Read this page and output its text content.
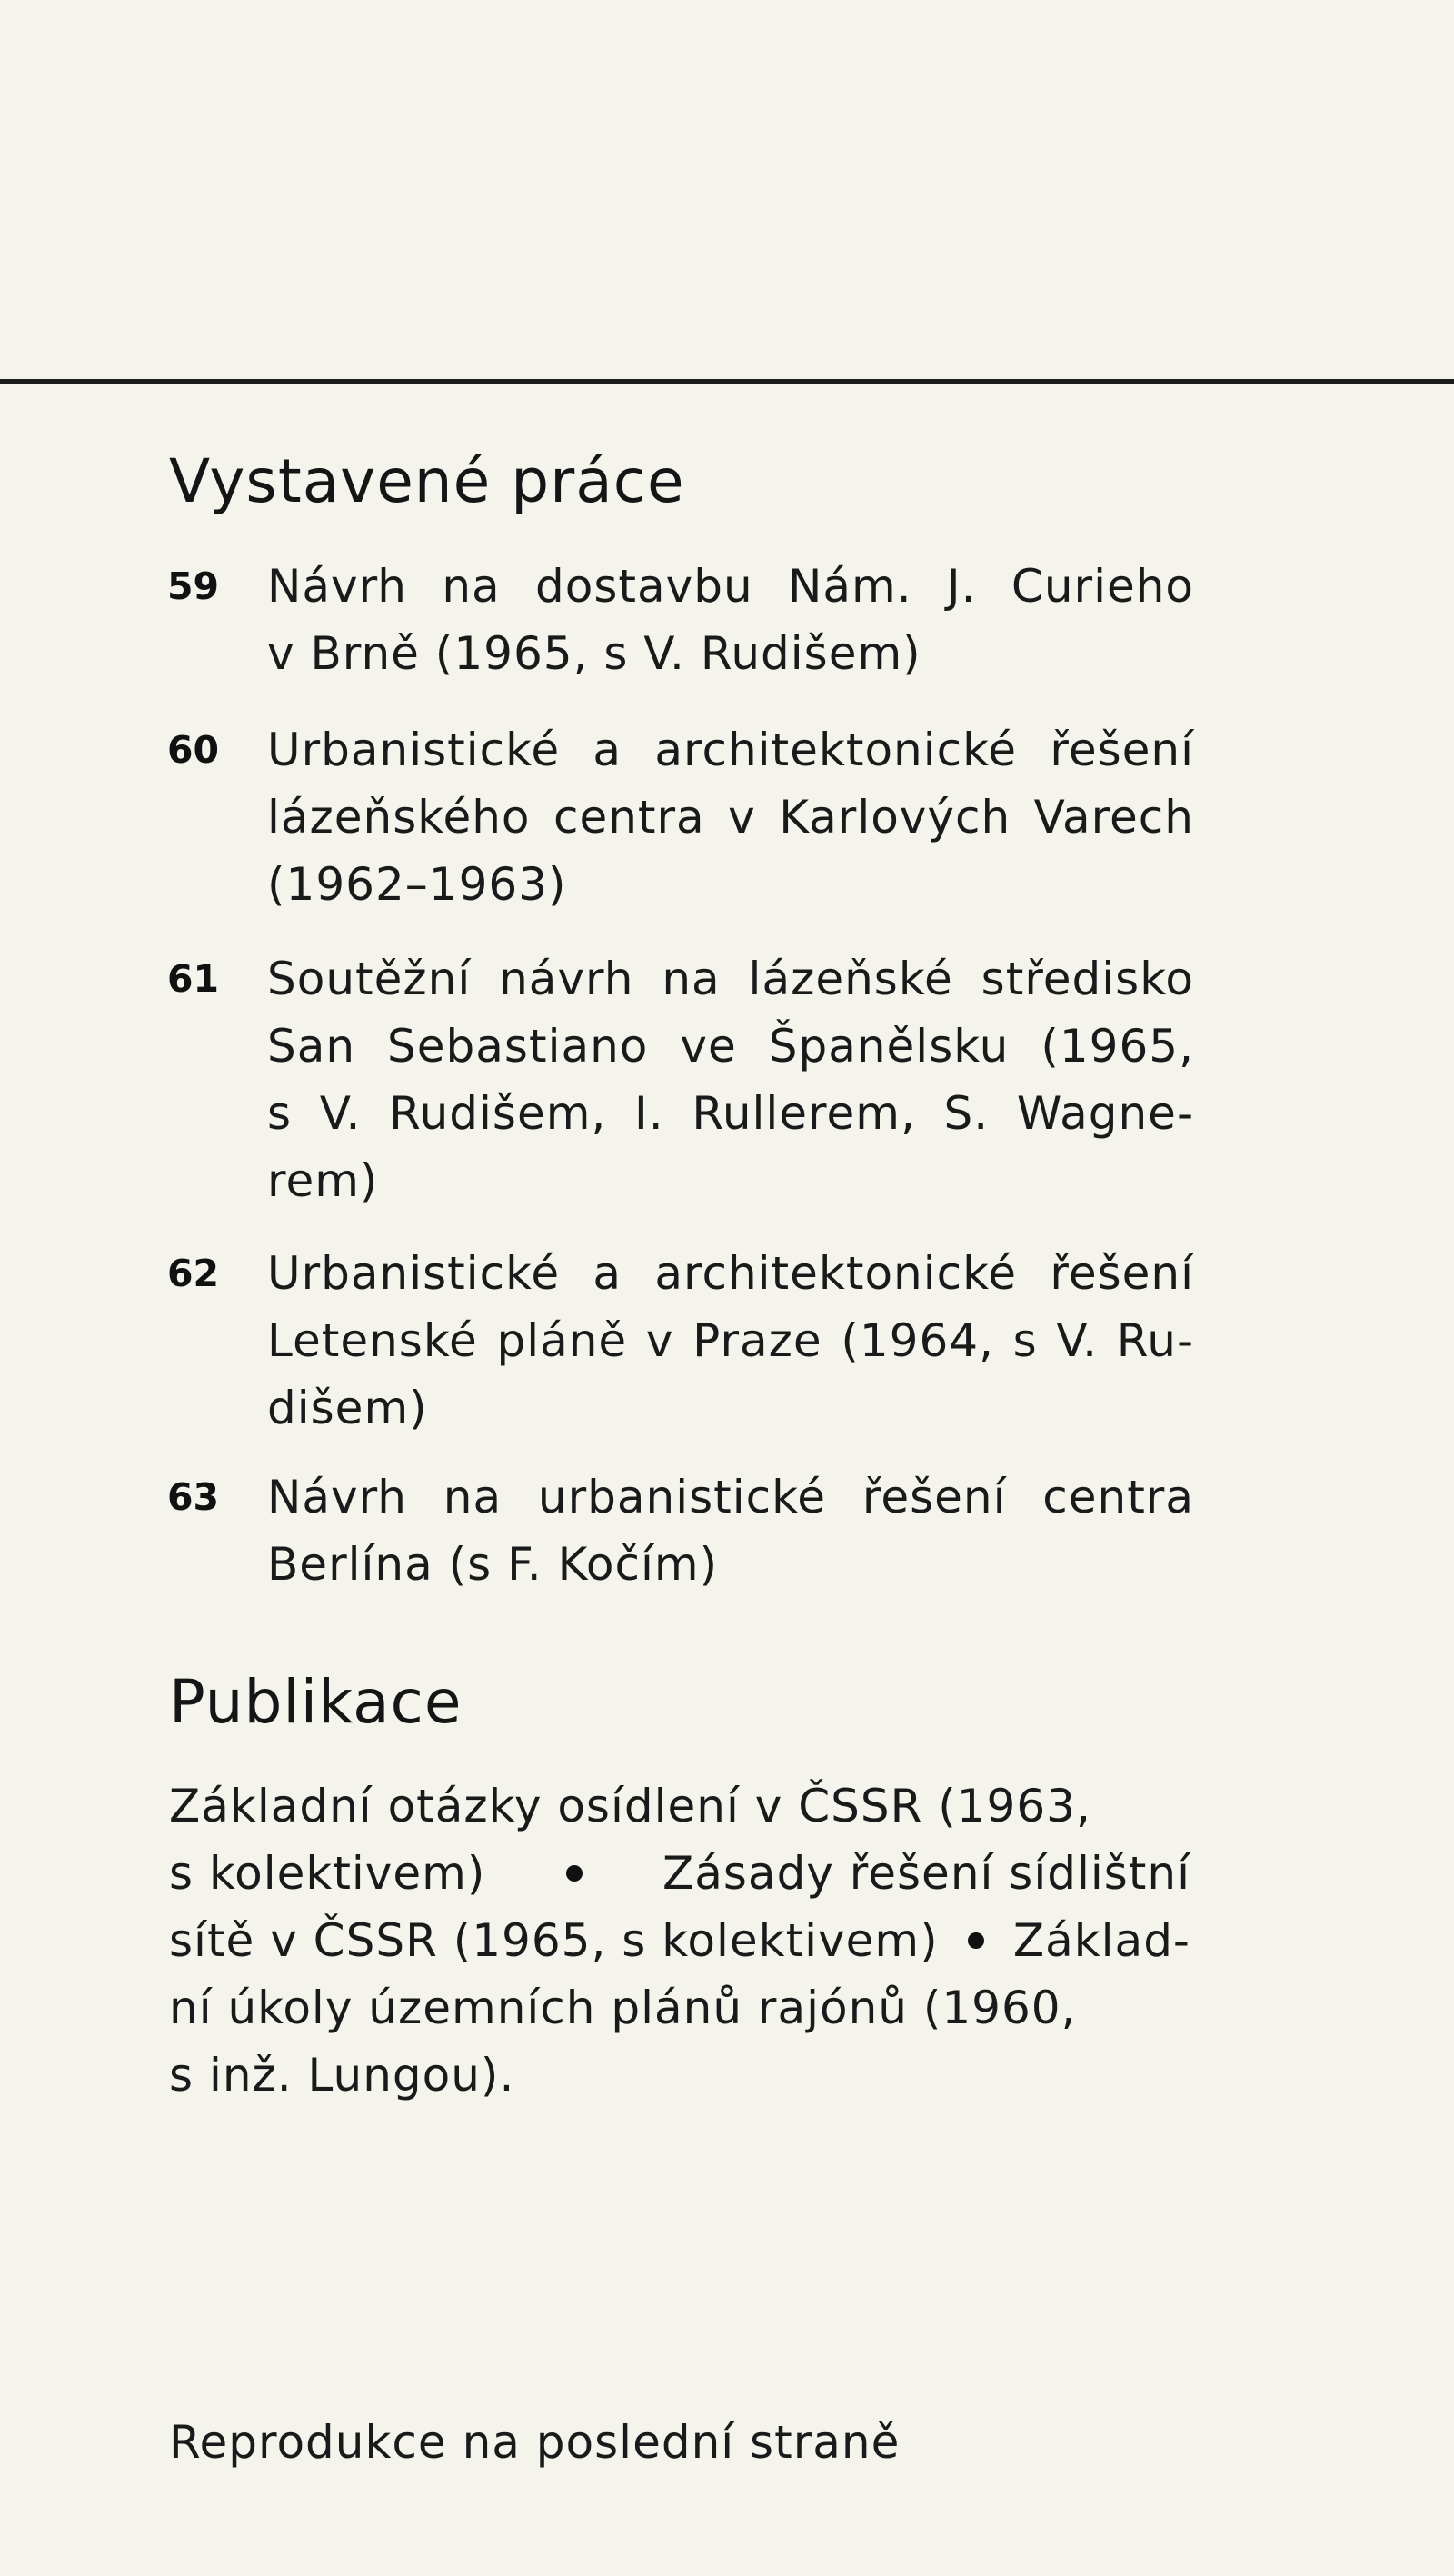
Vystavené práce
59	Návrh na dostavbu Nám. J. Curieho
v Brně (1965, s V. Rudišem)
60	Urbanistické a architektonické řešení
lázeňského centra v Karlových Varech
(1962–1963)
61	Soutěžní návrh na lázeňské středisko
San Sebastiano ve Španělsku (1965,
s V. Rudišem, I. Rullerem, S. Wagne-
rem)
62	Urbanistické a architektonické řešení
Letenské pláně v Praze (1964, s V. Ru-
dišem)
63	Návrh na urbanistické řešení centra
Berlína (s F. Kočím)
Publikace
Základní otázky osídlení v ČSSR (1963,
s kolektivem)	Zásady řešení sídlištní
sítě v ČSSR (1965, s kolektivem) Základ-
ní úkoly územních plánů rajónů (1960,
s inž. Lungou).
Reprodukce na poslední straně
